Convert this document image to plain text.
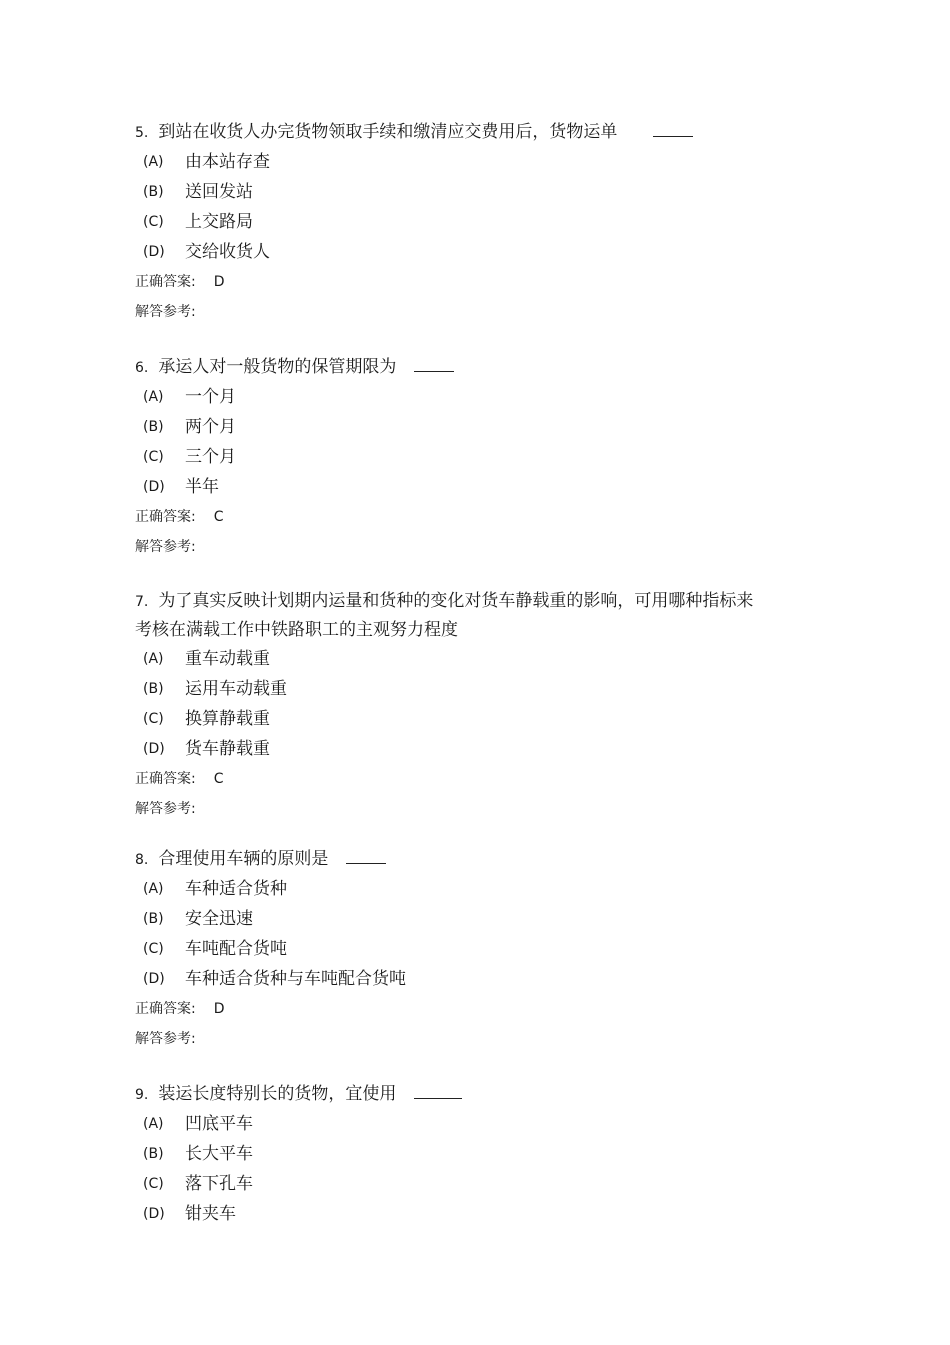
5. 到站在收货人办完货物领取手续和缴清应交费用后，货物运单
(A) 由本站存查
(B) 送回发站
(C) 上交路局
(D) 交给收货人
正确答案: D
解答参考:
6. 承运人对一般货物的保管期限为
(A) 一个月
(B) 两个月
(C) 三个月
(D) 半年
正确答案: C
解答参考:
7. 为了真实反映计划期内运量和货种的变化对货车静载重的影响，可用哪种指标来考核在满载工作中铁路职工的主观努力程度
(A) 重车动载重
(B) 运用车动载重
(C) 换算静载重
(D) 货车静载重
正确答案: C
解答参考:
8. 合理使用车辆的原则是
(A) 车种适合货种
(B) 安全迅速
(C) 车吨配合货吨
(D) 车种适合货种与车吨配合货吨
正确答案: D
解答参考:
9. 装运长度特别长的货物，宜使用
(A) 凹底平车
(B) 长大平车
(C) 落下孔车
(D) 钳夹车
